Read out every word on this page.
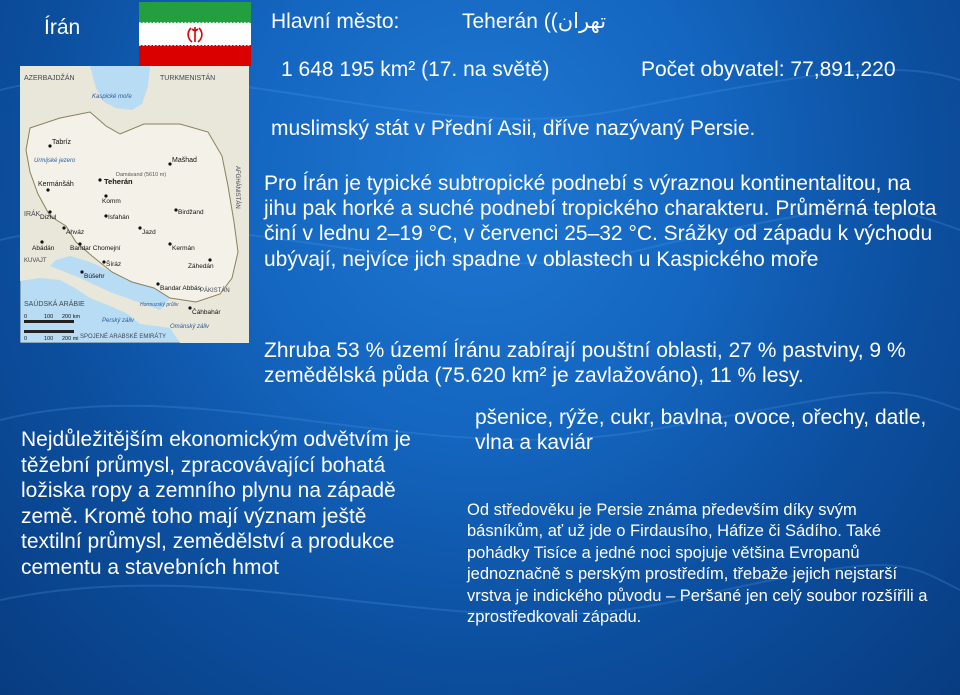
Írán	Hlavní město:	Teherán ((تهران
1 648 195 km² (17. na světě)	Počet obyvatel: 77,891,220
muslimský stát v Přední Asii, dříve nazývaný Persie.
AZERBAJDŽÁN	TURKMENISTÁN
IRÁK
KUVAJT
SAÚDSKÁ ARÁBIE
AFGHÁNISTÁN
PÁKISTÁN
SPOJENÉ ARABSKÉ EMIRÁTY
Kaspické moře
Urmijské jezero
Perský záliv
Ománský záliv
Hormuzský průliv
Damávand (5610 m)
Tabríz
Teherán
Mašhad
Kermánšáh
Komm
Dizful	Isfahán
Ahváz
Abádán Bandar Chomejní
Jazd
Birdžand
Kermán
Šíráz
Búšehr
Záhedán
Bandar Abbás
Čáhbahár
0	100 200 km
0	100 200 mi
Pro Írán je typické subtropické podnebí s výraznou kontinentalitou, na jihu pak horké a suché podnebí tropického charakteru. Průměrná teplota činí v lednu 2–19 °C, v červenci 25–32 °C. Srážky od západu k východu ubývají, nejvíce jich spadne v oblastech u Kaspického moře
Zhruba 53 % území Íránu zabírají pouštní oblasti, 27 % pastviny, 9 % zemědělská půda (75.620 km² je zavlažováno), 11 % lesy.
pšenice, rýže, cukr, bavlna, ovoce, ořechy, datle, vlna a kaviár
Nejdůležitějším ekonomickým odvětvím je těžební průmysl, zpracovávající bohatá ložiska ropy a zemního plynu na západě země. Kromě toho mají význam ještě textilní průmysl, zemědělství a produkce cementu a stavebních hmot
Od středověku je Persie známa především díky svým básníkům, ať už jde o Firdausího, Háfize či Sádího. Také pohádky Tisíce a jedné noci spojuje většina Evropanů jednoznačně s perským prostředím, třebaže jejich nejstarší vrstva je indického původu – Peršané jen celý soubor rozšířili a zprostředkovali západu.
